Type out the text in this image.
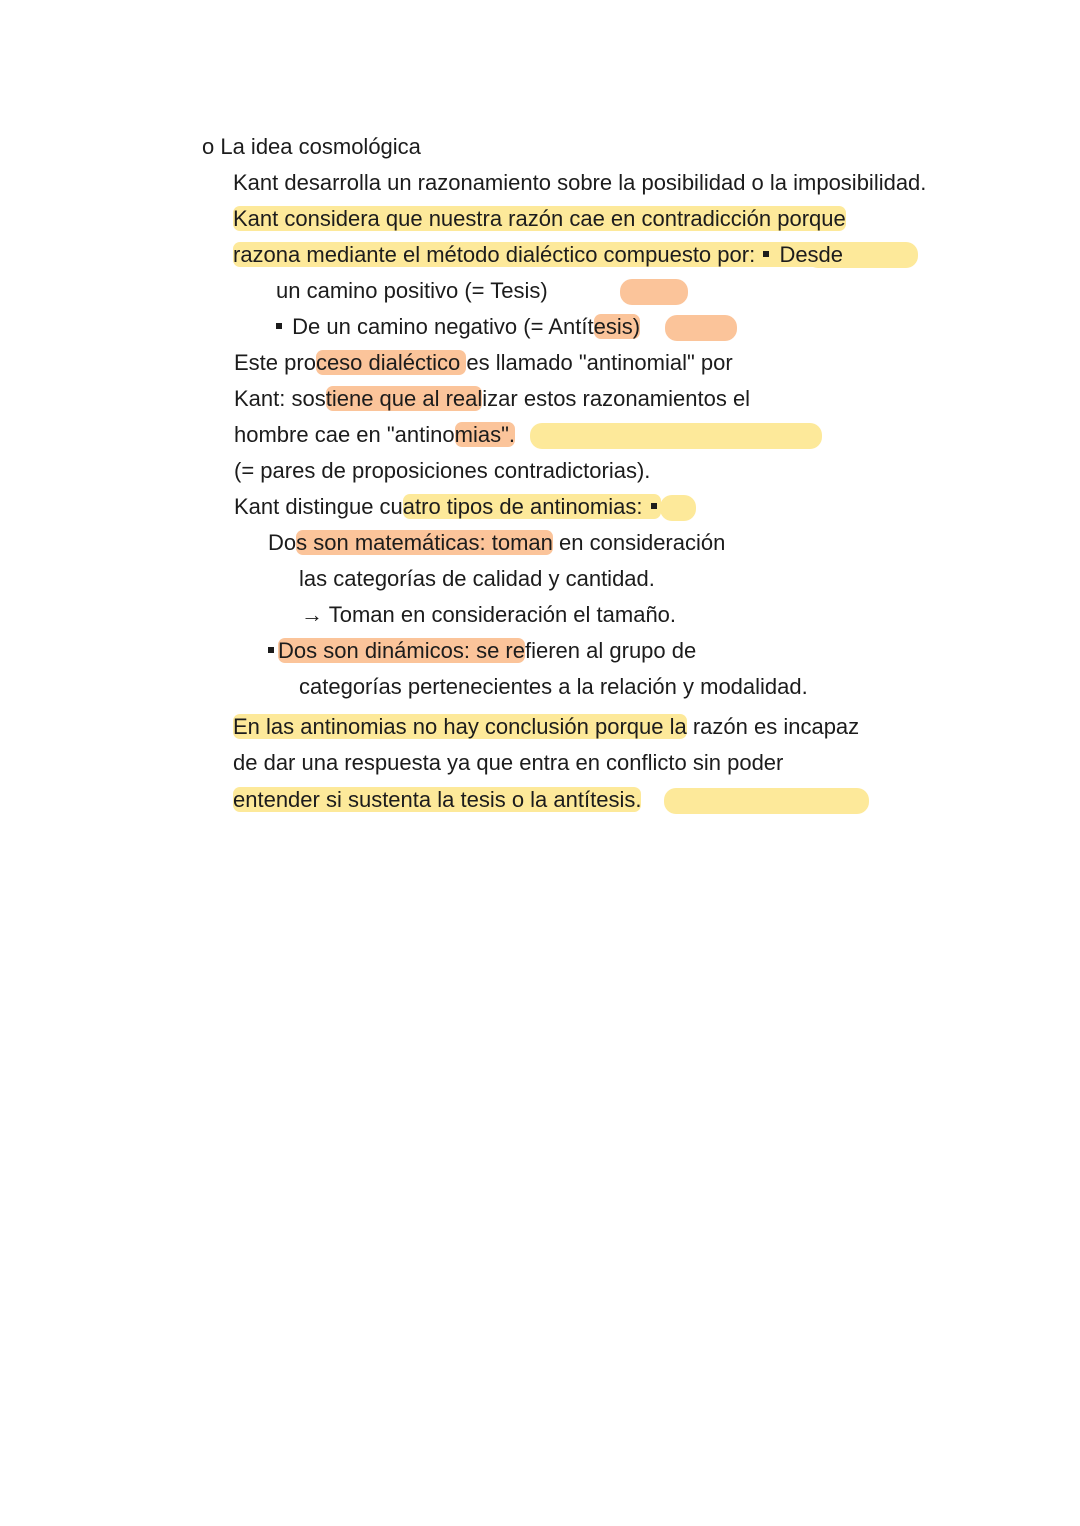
o La idea cosmológica
Kant desarrolla un razonamiento sobre la posibilidad o la imposibilidad.
Kant considera que nuestra razón cae en contradicción porque
razona mediante el método dialéctico compuesto por:  Desde
un camino positivo (= Tesis)
De un camino negativo (= Antítesis)
Este proceso dialéctico es llamado "antinomial" por
Kant: sostiene que al realizar estos razonamientos el
hombre cae en "antinomias".
(= pares de proposiciones contradictorias).
Kant distingue cuatro tipos de antinomias:
Dos son matemáticas: toman en consideración
las categorías de calidad y cantidad.
→ Toman en consideración el tamaño.
Dos son dinámicos: se refieren al grupo de
categorías pertenecientes a la relación y modalidad.
En las antinomias no hay conclusión porque la razón es incapaz
de dar una respuesta ya que entra en conflicto sin poder
entender si sustenta la tesis o la antítesis.
